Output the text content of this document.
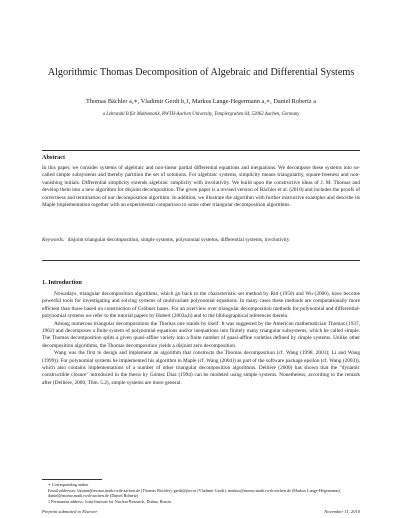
Algorithmic Thomas Decomposition of Algebraic and Differential Systems
Thomas Bächler a,∗, Vladimir Gerdt b,1, Markus Lange-Hegermann a,∗, Daniel Robertz a
a Lehrstuhl B für Mathematik, RWTH-Aachen University, Templergraben 64, 52062 Aachen, Germany
Abstract
In this paper, we consider systems of algebraic and non-linear partial differential equations and inequations. We decompose these systems into so-called simple subsystems and thereby partition the set of solutions. For algebraic systems, simplicity means triangularity, square-freeness and non-vanishing initials. Differential simplicity extends algebraic simplicity with involutivity. We build upon the constructive ideas of J. M. Thomas and develop them into a new algorithm for disjoint decomposition. The given paper is a revised version of Bächler et al. (2010) and includes the proofs of correctness and termination of our decomposition algorithm. In addition, we illustrate the algorithm with further instructive examples and describe its Maple implementation together with an experimental comparison to some other triangular decomposition algorithms.
Keywords: disjoint triangular decomposition, simple systems, polynomial systems, differential systems, involutivity
1. Introduction

Nowadays, triangular decomposition algorithms, which go back to the characteristic set method by Ritt (1950) and Wu (2000), have become powerful tools for investigating and solving systems of multivariate polynomial equations. In many cases these methods are computationally more efficient than those based on construction of Gröbner bases. For an overview over triangular decomposition methods for polynomial and differential-polynomial systems we refer to the tutorial papers by Hubert (2003a,b) and to the bibliographical references therein.

Among numerous triangular decompositions the Thomas one stands by itself. It was suggested by the American mathematician Thomas (1937, 1962) and decomposes a finite system of polynomial equations and/or inequations into finitely many triangular subsystems, which he called simple. The Thomas decomposition splits a given quasi-affine variety into a finite number of quasi-affine varieties defined by simple systems. Unlike other decomposition algorithms, the Thomas decomposition yields a disjoint zero decomposition.

Wang was the first to design and implement an algorithm that constructs the Thomas decomposition (cf. Wang (1998, 2001); Li and Wang (1999)). For polynomial systems he implemented his algorithm in Maple (cf. Wang (2004)) as part of the software package epsilon (cf. Wang (2003)), which also contains implementations of a number of other triangular decomposition algorithms. Dellière (2000) has shown that the "dynamic constructible closure" introduced in the thesis by Gómez Diaz (1994) can be modeled using simple systems. Nonetheless, according to the remark after (Dellière, 2000, Thm. 5.2), simple systems are more general.

∗ Corresponding author

Email addresses: thomas@momo.math.rwth-aachen.de (Thomas Bächler), gerdt@jinr.ru (Vladimir Gerdt), markus@momo.math.rwth-aachen.de (Markus Lange-Hegermann), daniel@momo.math.rwth-aachen.de (Daniel Robertz)

1 Permanent address: Joint Institute for Nuclear Research, Dubna, Russia.

Preprint submitted to Elsevier	November 11, 2010
